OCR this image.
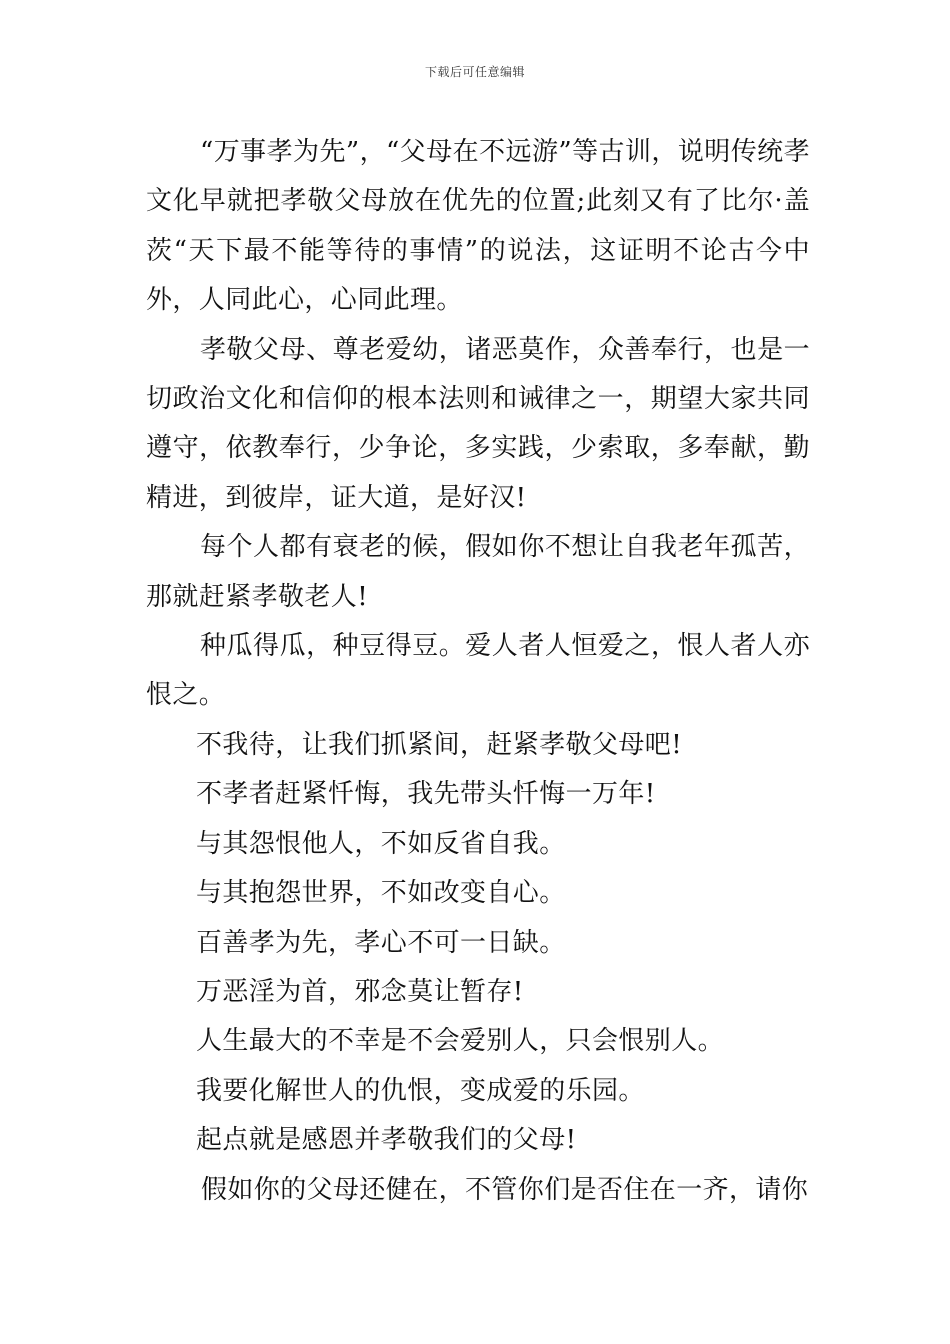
下载后可任意编辑

“万事孝为先”，“父母在不远游”等古训，说明传统孝文化早就把孝敬父母放在优先的位置;此刻又有了比尔·盖茨“天下最不能等待的事情”的说法，这证明不论古今中外，人同此心，心同此理。

孝敬父母、尊老爱幼，诸恶莫作，众善奉行，也是一切政治文化和信仰的根本法则和诫律之一，期望大家共同遵守，依教奉行，少争论，多实践，少索取，多奉献，勤精进，到彼岸，证大道，是好汉!

每个人都有衰老的候，假如你不想让自我老年孤苦，那就赶紧孝敬老人!

种瓜得瓜，种豆得豆。爱人者人恒爱之，恨人者人亦恨之。

不我待，让我们抓紧间，赶紧孝敬父母吧!

不孝者赶紧忏悔，我先带头忏悔一万年!

与其怨恨他人，不如反省自我。

与其抱怨世界，不如改变自心。

百善孝为先，孝心不可一日缺。

万恶淫为首，邪念莫让暂存!

人生最大的不幸是不会爱别人，只会恨别人。

我要化解世人的仇恨，变成爱的乐园。

起点就是感恩并孝敬我们的父母!

假如你的父母还健在，不管你们是否住在一齐，请你
